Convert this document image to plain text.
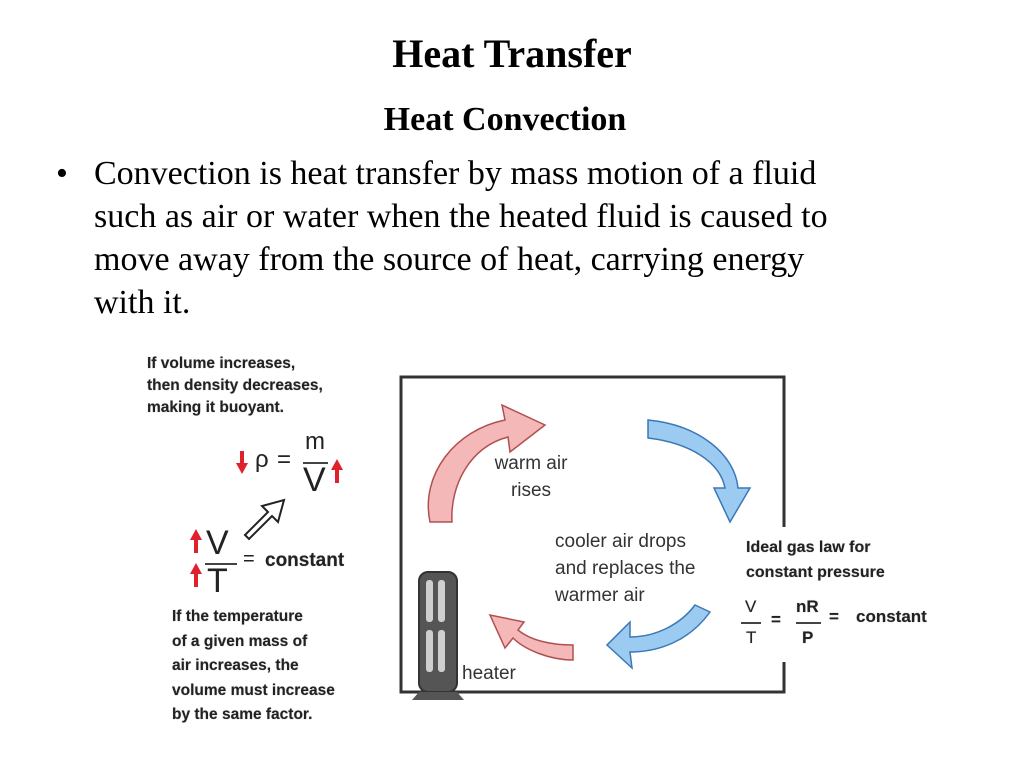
Heat Transfer
Heat Convection
• Convection is heat transfer by mass motion of a fluid
such as air or water when the heated fluid is caused to
move away from the source of heat, carrying energy
with it.
If volume increases,
then density decreases,
making it buoyant.
ρ =
m
V
V
T
= constant
If the temperature
of a given mass of
air increases, the
volume must increase
by the same factor.
warm air
rises
cooler air drops
and replaces the
warmer air
heater
Ideal gas law for
constant pressure
V
T
=
nR
P
= constant
